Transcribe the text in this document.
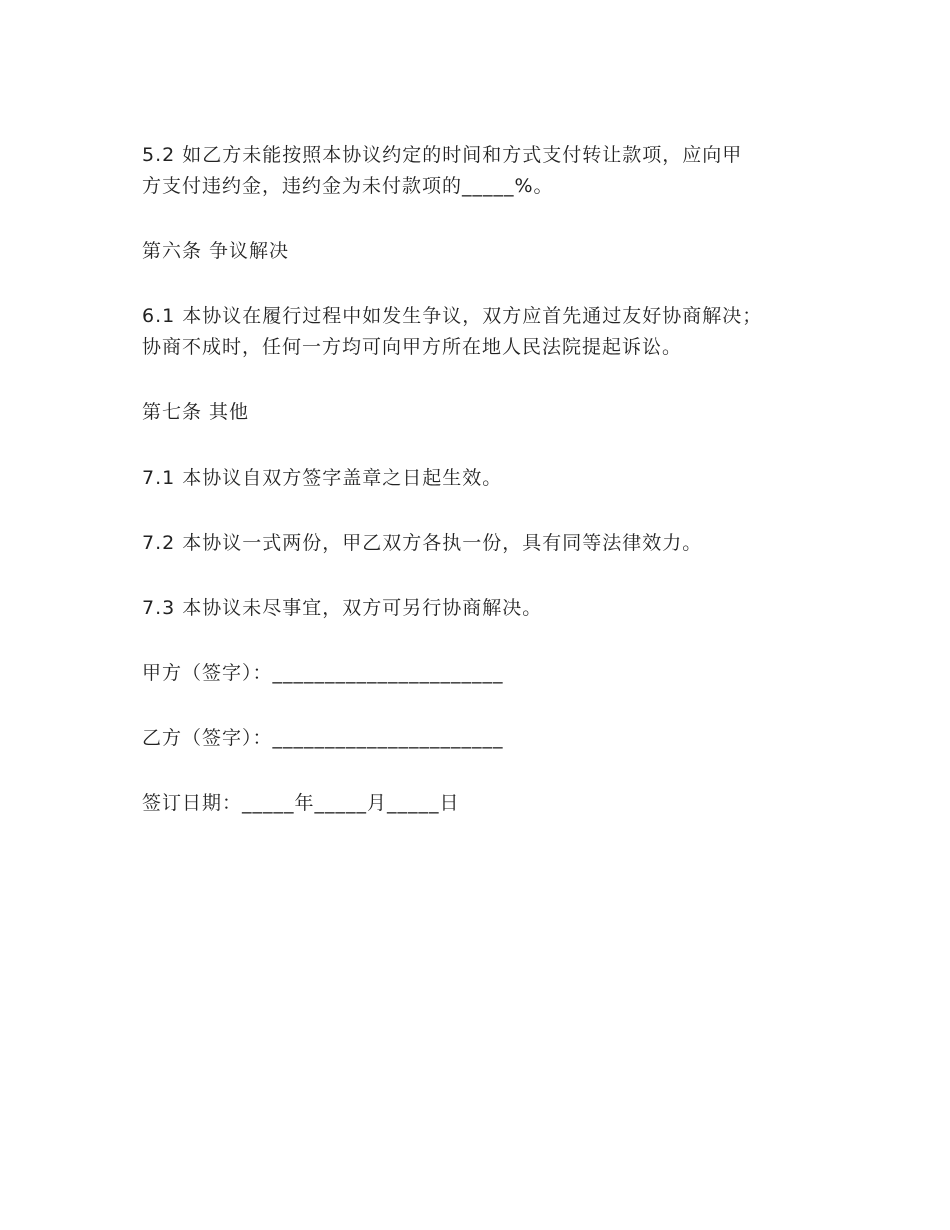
5.2 如乙方未能按照本协议约定的时间和方式支付转让款项，应向甲
方支付违约金，违约金为未付款项的_____%。
第六条 争议解决
6.1 本协议在履行过程中如发生争议，双方应首先通过友好协商解决；
协商不成时，任何一方均可向甲方所在地人民法院提起诉讼。
第七条 其他
7.1 本协议自双方签字盖章之日起生效。
7.2 本协议一式两份，甲乙双方各执一份，具有同等法律效力。
7.3 本协议未尽事宜，双方可另行协商解决。
甲方（签字）：______________________
乙方（签字）：______________________
签订日期：_____年_____月_____日
